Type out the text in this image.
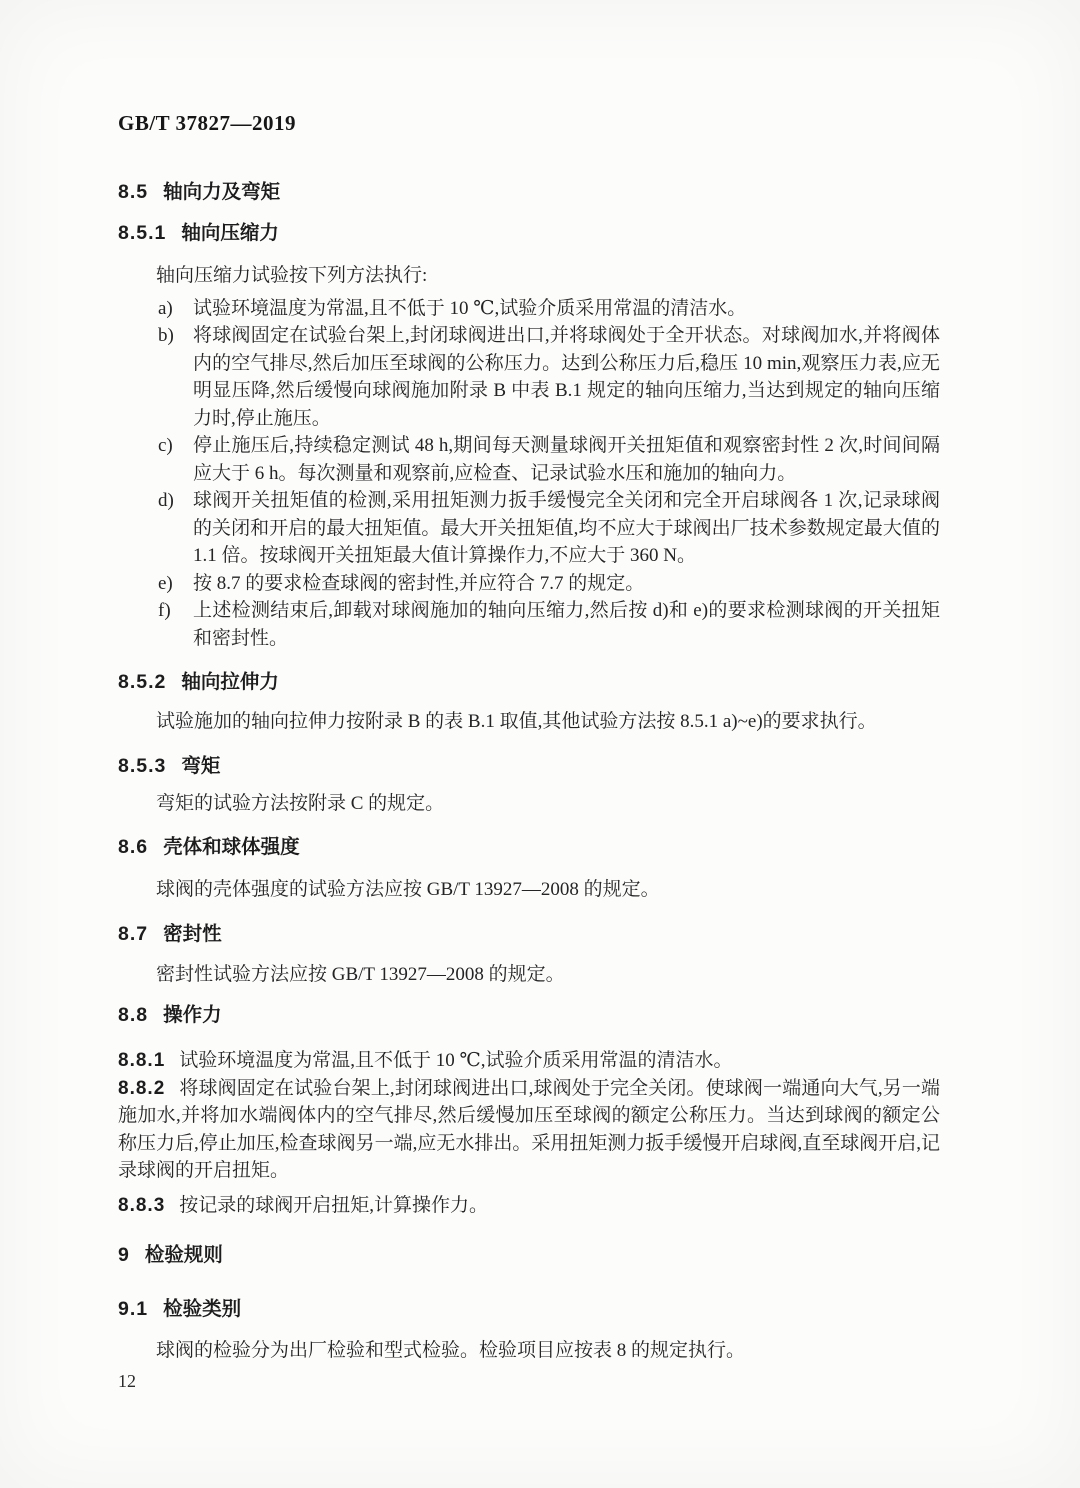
GB/T 37827—2019
8.5 轴向力及弯矩
8.5.1 轴向压缩力

轴向压缩力试验按下列方法执行:

a) 试验环境温度为常温,且不低于 10 ℃,试验介质采用常温的清洁水。
b) 将球阀固定在试验台架上,封闭球阀进出口,并将球阀处于全开状态。对球阀加水,并将阀体内的空气排尽,然后加压至球阀的公称压力。达到公称压力后,稳压 10 min,观察压力表,应无明显压降,然后缓慢向球阀施加附录 B 中表 B.1 规定的轴向压缩力,当达到规定的轴向压缩力时,停止施压。
c) 停止施压后,持续稳定测试 48 h,期间每天测量球阀开关扭矩值和观察密封性 2 次,时间间隔应大于 6 h。每次测量和观察前,应检查、记录试验水压和施加的轴向力。
d) 球阀开关扭矩值的检测,采用扭矩测力扳手缓慢完全关闭和完全开启球阀各 1 次,记录球阀的关闭和开启的最大扭矩值。最大开关扭矩值,均不应大于球阀出厂技术参数规定最大值的 1.1 倍。按球阀开关扭矩最大值计算操作力,不应大于 360 N。
e) 按 8.7 的要求检查球阀的密封性,并应符合 7.7 的规定。
f) 上述检测结束后,卸载对球阀施加的轴向压缩力,然后按 d)和 e)的要求检测球阀的开关扭矩和密封性。
8.5.2 轴向拉伸力

试验施加的轴向拉伸力按附录 B 的表 B.1 取值,其他试验方法按 8.5.1 a)~e)的要求执行。

8.5.3 弯矩

弯矩的试验方法按附录 C 的规定。

8.6 壳体和球体强度

球阀的壳体强度的试验方法应按 GB/T 13927—2008 的规定。

8.7 密封性

密封性试验方法应按 GB/T 13927—2008 的规定。

8.8 操作力

8.8.1 试验环境温度为常温,且不低于 10 ℃,试验介质采用常温的清洁水。

8.8.2 将球阀固定在试验台架上,封闭球阀进出口,球阀处于完全关闭。使球阀一端通向大气,另一端施加水,并将加水端阀体内的空气排尽,然后缓慢加压至球阀的额定公称压力。当达到球阀的额定公称压力后,停止加压,检查球阀另一端,应无水排出。采用扭矩测力扳手缓慢开启球阀,直至球阀开启,记录球阀的开启扭矩。

8.8.3 按记录的球阀开启扭矩,计算操作力。

9 检验规则
9.1 检验类别

球阀的检验分为出厂检验和型式检验。检验项目应按表 8 的规定执行。

12
